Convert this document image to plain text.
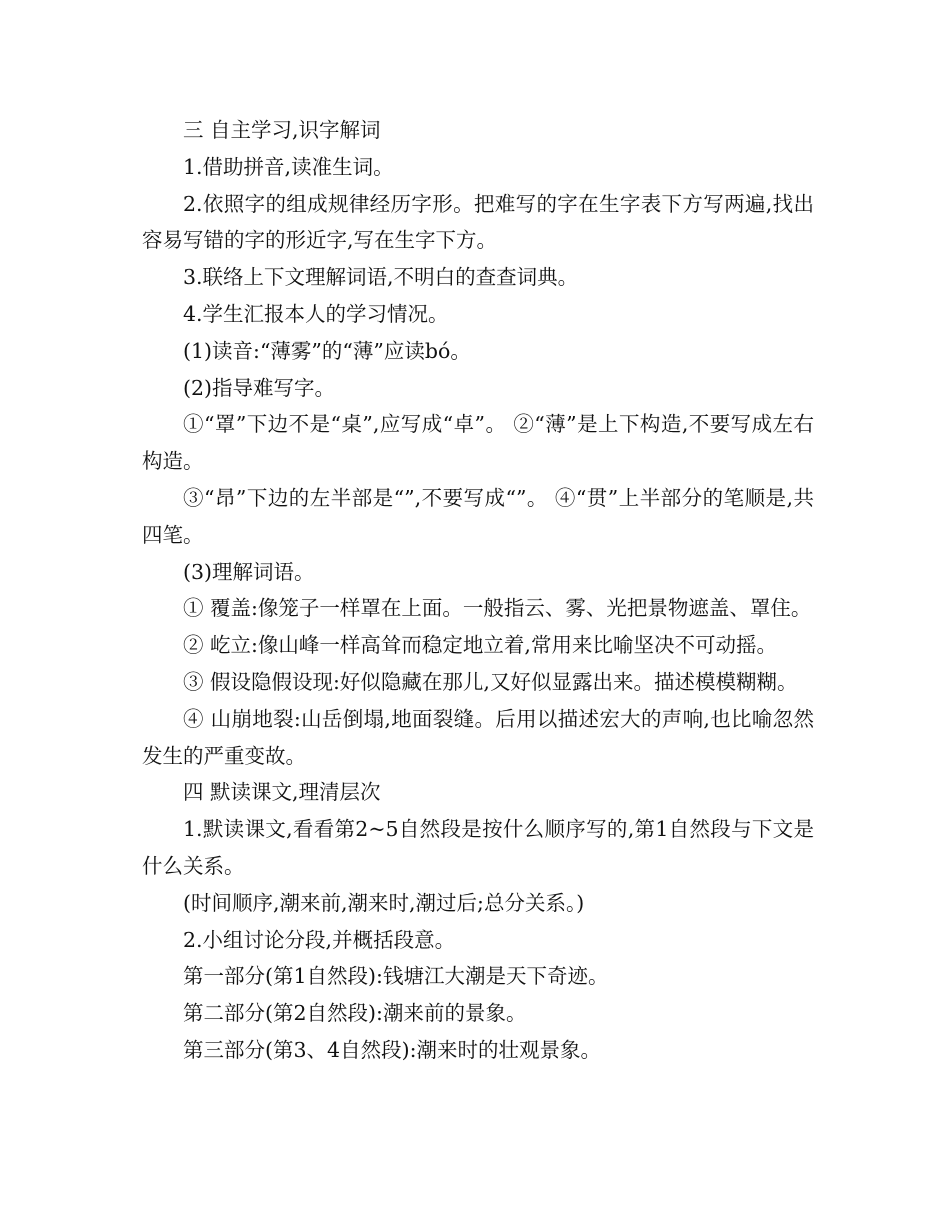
三 自主学习,识字解词

1.借助拼音,读准生词。

2.依照字的组成规律经历字形。把难写的字在生字表下方写两遍,找出容易写错的字的形近字,写在生字下方。

3.联络上下文理解词语,不明白的查查词典。

4.学生汇报本人的学习情况。

(1)读音:“薄雾”的“薄”应读bó。

(2)指导难写字。

①“罩”下边不是“桌”,应写成“卓”。 ②“薄”是上下构造,不要写成左右构造。

③“昂”下边的左半部是“”,不要写成“”。 ④“贯”上半部分的笔顺是,共四笔。

(3)理解词语。

① 覆盖:像笼子一样罩在上面。一般指云、雾、光把景物遮盖、罩住。

② 屹立:像山峰一样高耸而稳定地立着,常用来比喻坚决不可动摇。

③ 假设隐假设现:好似隐藏在那儿,又好似显露出来。描述模模糊糊。

④ 山崩地裂:山岳倒塌,地面裂缝。后用以描述宏大的声响,也比喻忽然发生的严重变故。

四 默读课文,理清层次

1.默读课文,看看第2~5自然段是按什么顺序写的,第1自然段与下文是什么关系。

(时间顺序,潮来前,潮来时,潮过后;总分关系。)

2.小组讨论分段,并概括段意。

第一部分(第1自然段):钱塘江大潮是天下奇迹。

第二部分(第2自然段):潮来前的景象。

第三部分(第3、4自然段):潮来时的壮观景象。
